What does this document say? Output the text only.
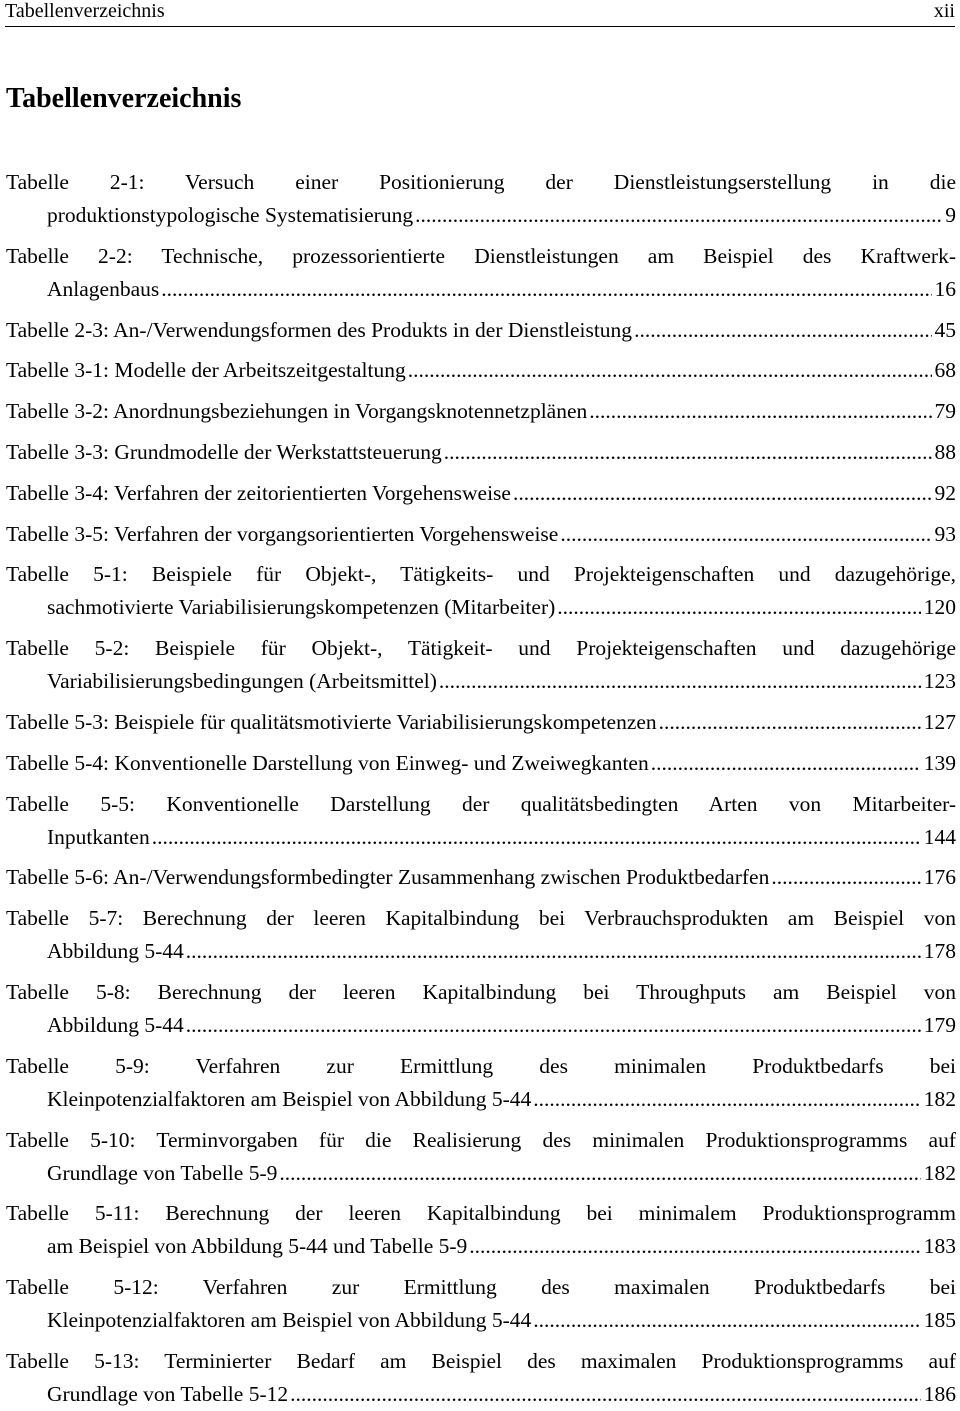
Tabellenverzeichnis	xii
Tabellenverzeichnis
Tabelle 2-1: Versuch einer Positionierung der Dienstleistungserstellung in die
produktionstypologische Systematisierung .....	9
Tabelle 2-2: Technische, prozessorientierte Dienstleistungen am Beispiel des Kraftwerk-
Anlagenbaus .....	16
Tabelle 2-3: An-/Verwendungsformen des Produkts in der Dienstleistung .....	45
Tabelle 3-1: Modelle der Arbeitszeitgestaltung .....	68
Tabelle 3-2: Anordnungsbeziehungen in Vorgangsknotennetzplänen .....	79
Tabelle 3-3: Grundmodelle der Werkstattsteuerung .....	88
Tabelle 3-4: Verfahren der zeitorientierten Vorgehensweise .....	92
Tabelle 3-5: Verfahren der vorgangsorientierten Vorgehensweise .....	93
Tabelle 5-1: Beispiele für Objekt-, Tätigkeits- und Projekteigenschaften und dazugehörige,
sachmotivierte Variabilisierungskompetenzen (Mitarbeiter) .....	120
Tabelle 5-2: Beispiele für Objekt-, Tätigkeit- und Projekteigenschaften und dazugehörige
Variabilisierungsbedingungen (Arbeitsmittel) .....	123
Tabelle 5-3: Beispiele für qualitätsmotivierte Variabilisierungskompetenzen .....	127
Tabelle 5-4: Konventionelle Darstellung von Einweg- und Zweiwegkanten .....	139
Tabelle 5-5: Konventionelle Darstellung der qualitätsbedingten Arten von Mitarbeiter-
Inputkanten .....	144
Tabelle 5-6: An-/Verwendungsformbedingter Zusammenhang zwischen Produktbedarfen .....	176
Tabelle 5-7: Berechnung der leeren Kapitalbindung bei Verbrauchsprodukten am Beispiel von
Abbildung 5-44 .....	178
Tabelle 5-8: Berechnung der leeren Kapitalbindung bei Throughputs am Beispiel von
Abbildung 5-44 .....	179
Tabelle 5-9: Verfahren zur Ermittlung des minimalen Produktbedarfs bei
Kleinpotenzialfaktoren am Beispiel von Abbildung 5-44 .....	182
Tabelle 5-10: Terminvorgaben für die Realisierung des minimalen Produktionsprogramms auf
Grundlage von Tabelle 5-9 .....	182
Tabelle 5-11: Berechnung der leeren Kapitalbindung bei minimalem Produktionsprogramm
am Beispiel von Abbildung 5-44 und Tabelle 5-9 .....	183
Tabelle 5-12: Verfahren zur Ermittlung des maximalen Produktbedarfs bei
Kleinpotenzialfaktoren am Beispiel von Abbildung 5-44 .....	185
Tabelle 5-13: Terminierter Bedarf am Beispiel des maximalen Produktionsprogramms auf
Grundlage von Tabelle 5-12 .....	186
